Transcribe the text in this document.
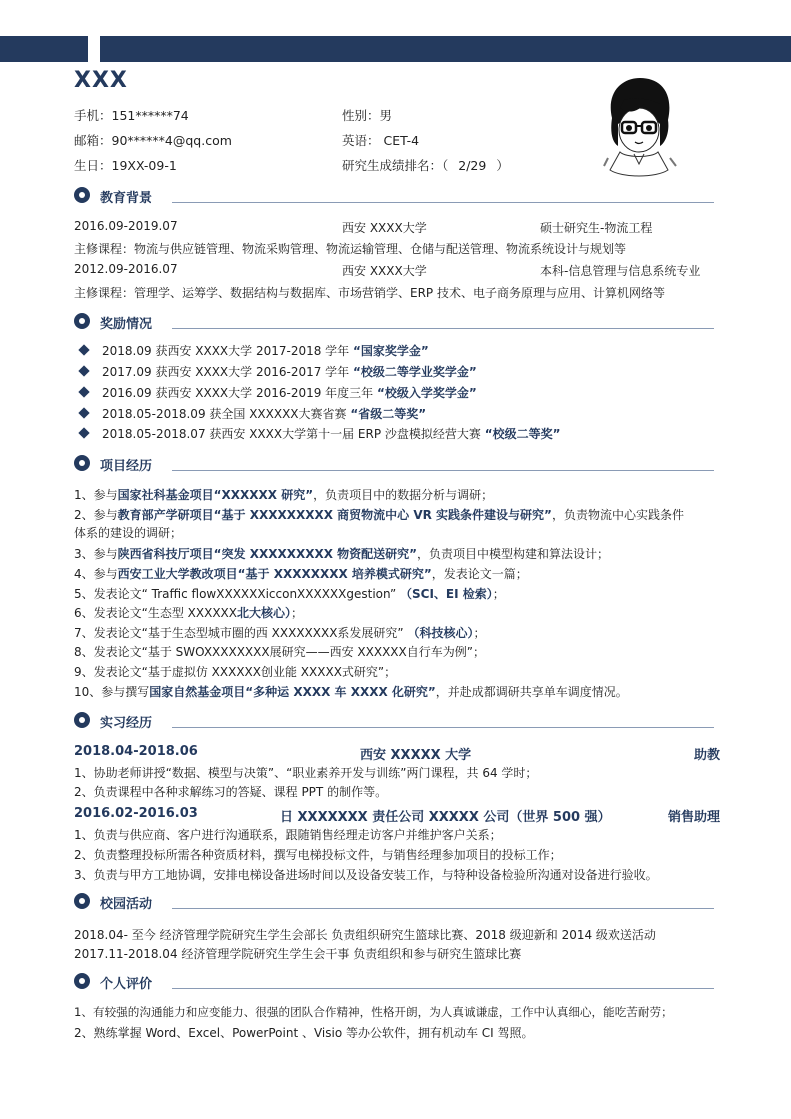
XXX
手机：151******74
邮箱：90******4@qq.com
生日：19XX-09-1
性别：男
英语： CET-4
研究生成绩排名：（ 2/29 ）
教育背景
2016.09-2019.07	西安 XXXX大学	硕士研究生-物流工程
主修课程：物流与供应链管理、物流采购管理、物流运输管理、仓储与配送管理、物流系统设计与规划等
2012.09-2016.07	西安 XXXX大学	本科-信息管理与信息系统专业
主修课程：管理学、运筹学、数据结构与数据库、市场营销学、ERP 技术、电子商务原理与应用、计算机网络等
奖励情况
2018.09 获西安 XXXX大学 2017-2018 学年 “国家奖学金”
2017.09 获西安 XXXX大学 2016-2017 学年 “校级二等学业奖学金”
2016.09 获西安 XXXX大学 2016-2019 年度三年 “校级入学奖学金”
2018.05-2018.09 获全国 XXXXXX大赛省赛 “省级二等奖”
2018.05-2018.07 获西安 XXXX大学第十一届 ERP 沙盘模拟经营大赛 “校级二等奖”
项目经历
1、参与国家社科基金项目“XXXXXX 研究”，负责项目中的数据分析与调研；
2、参与教育部产学研项目“基于 XXXXXXXXX 商贸物流中心 VR 实践条件建设与研究”，负责物流中心实践条件
体系的建设的调研；
3、参与陕西省科技厅项目“突发 XXXXXXXXX 物资配送研究”，负责项目中模型构建和算法设计；
4、参与西安工业大学教改项目“基于 XXXXXXXX 培养模式研究”，发表论文一篇；
5、发表论文“ Traffic flowXXXXXXicconXXXXXXgestion” （SCI、EI 检索）；
6、发表论文“生态型 XXXXXX北大核心）；
7、发表论文“基于生态型城市圈的西 XXXXXXXX系发展研究” （科技核心）；
8、发表论文“基于 SWOXXXXXXXX展研究——西安 XXXXXX自行车为例”；
9、发表论文“基于虚拟仿 XXXXXX创业能 XXXXX式研究”；
10、参与撰写国家自然基金项目“多种运 XXXX 车 XXXX 化研究”，并赴成都调研共享单车调度情况。
实习经历
2018.04-2018.06	西安 XXXXX 大学	助教
1、协助老师讲授“数据、模型与决策”、“职业素养开发与训练”两门课程，共 64 学时；
2、负责课程中各种求解练习的答疑、课程 PPT 的制作等。
2016.02-2016.03	日 XXXXXXX 责任公司 XXXXX 公司（世界 500 强）	销售助理
1、负责与供应商、客户进行沟通联系，跟随销售经理走访客户并维护客户关系；
2、负责整理投标所需各种资质材料，撰写电梯投标文件，与销售经理参加项目的投标工作；
3、负责与甲方工地协调，安排电梯设备进场时间以及设备安装工作，与特种设备检验所沟通对设备进行验收。
校园活动
2018.04- 至今 经济管理学院研究生学生会部长 负责组织研究生篮球比赛、2018 级迎新和 2014 级欢送活动
2017.11-2018.04 经济管理学院研究生学生会干事 负责组织和参与研究生篮球比赛
个人评价
1、有较强的沟通能力和应变能力、很强的团队合作精神，性格开朗，为人真诚谦虚，工作中认真细心，能吃苦耐劳；
2、熟练掌握 Word、Excel、PowerPoint 、Visio 等办公软件，拥有机动车 CI 驾照。
